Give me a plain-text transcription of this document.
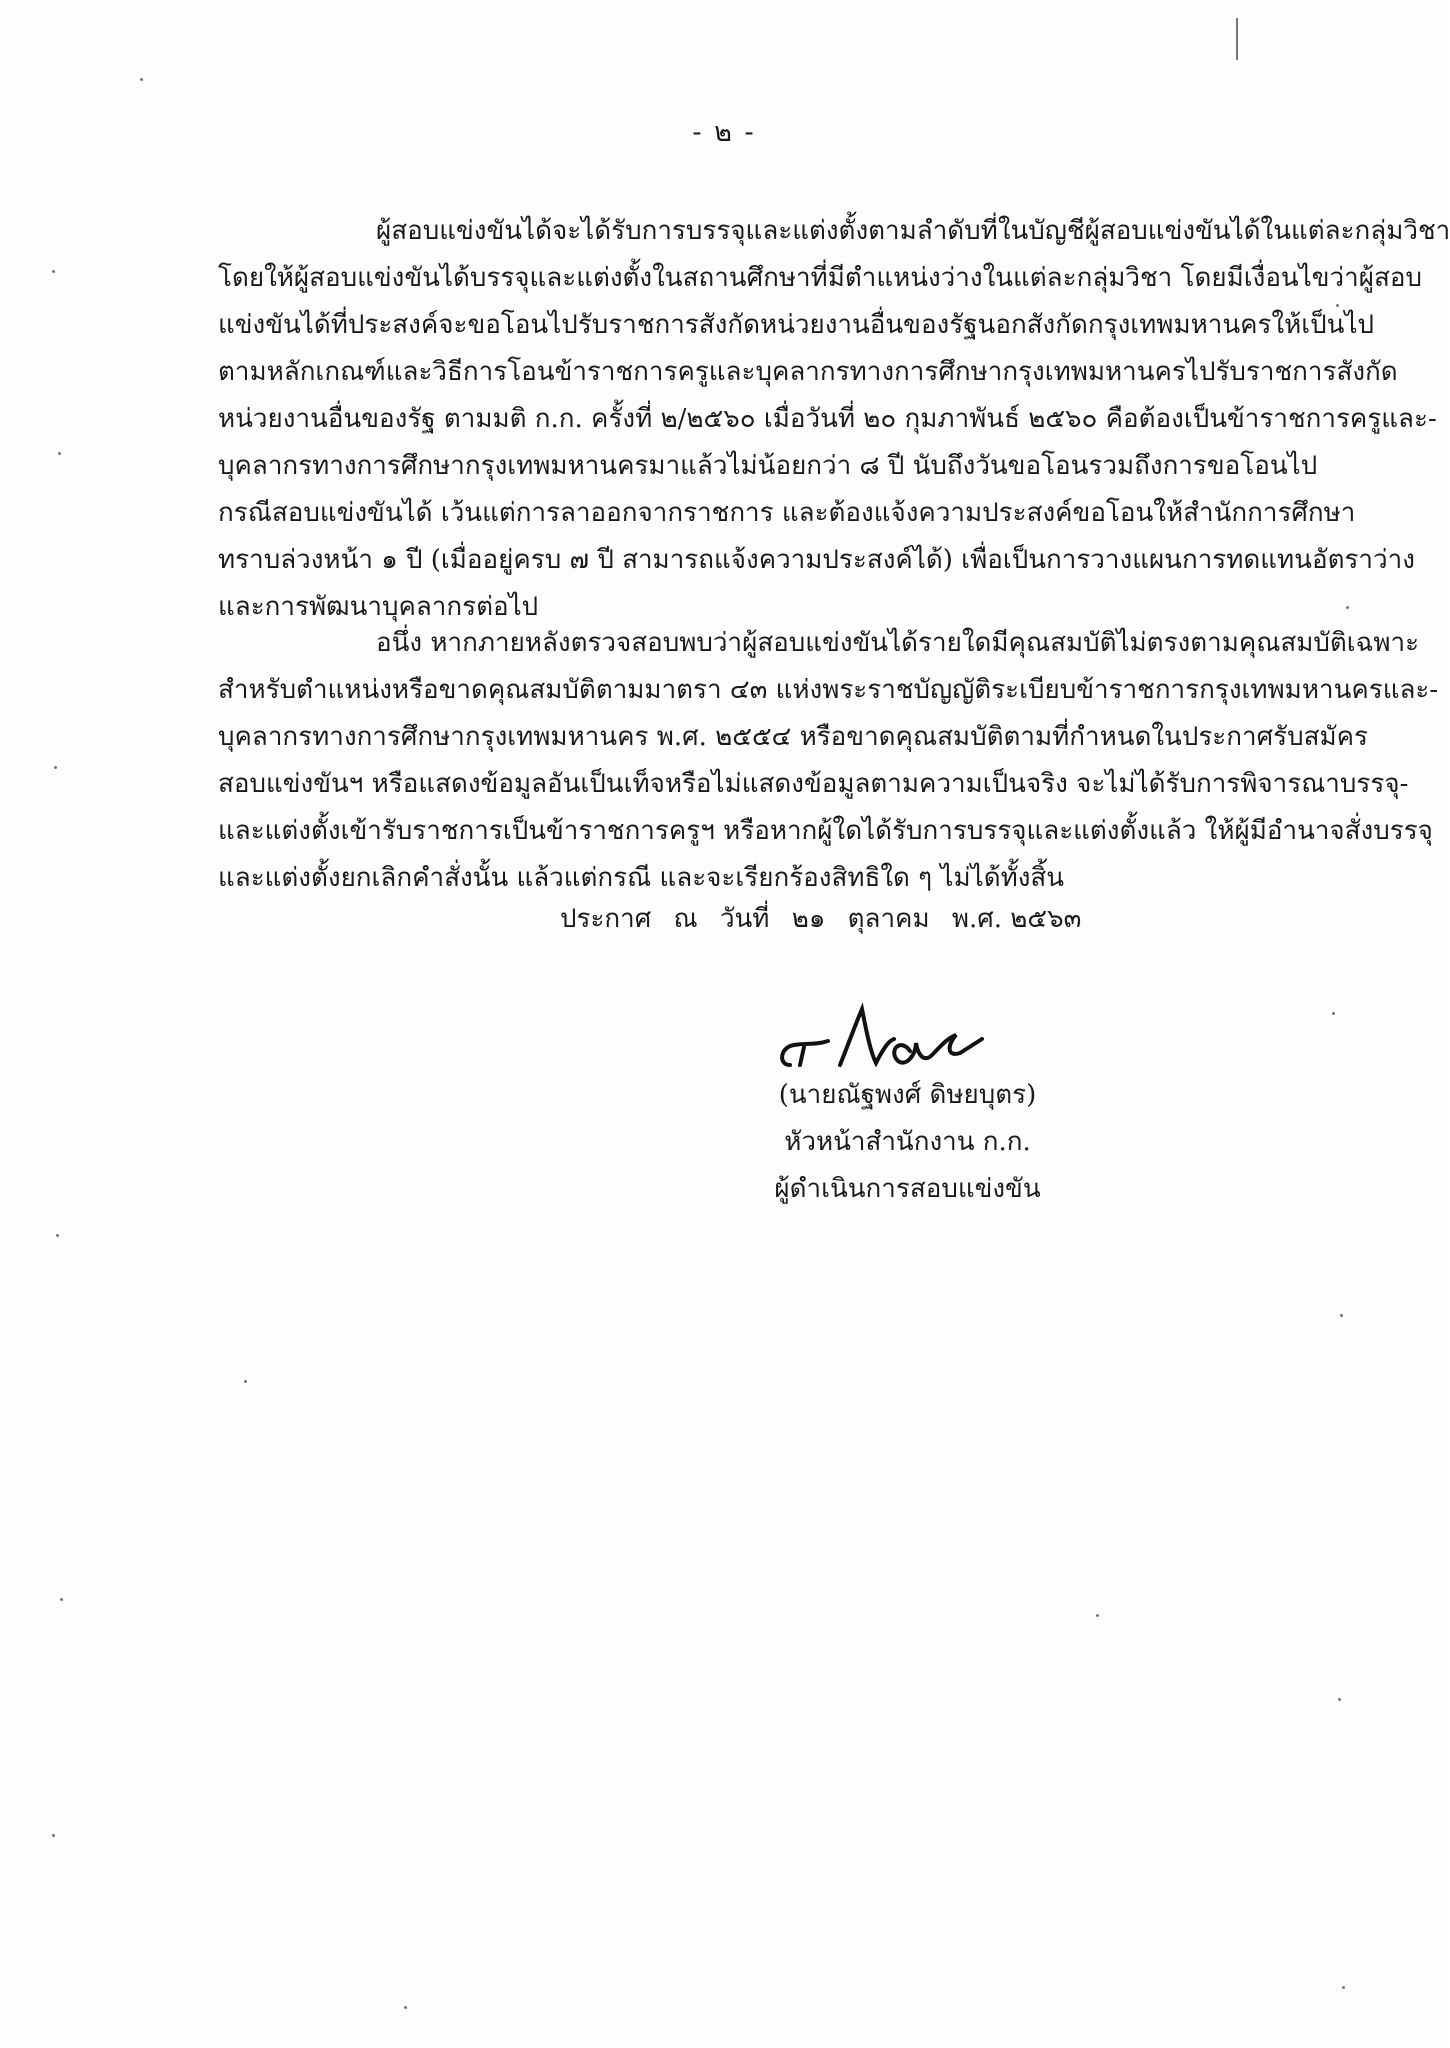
- ๒ -

ผู้สอบแข่งขันได้จะได้รับการบรรจุและแต่งตั้งตามลำดับที่ในบัญชีผู้สอบแข่งขันได้ในแต่ละกลุ่มวิชา
โดยให้ผู้สอบแข่งขันได้บรรจุและแต่งตั้งในสถานศึกษาที่มีตำแหน่งว่างในแต่ละกลุ่มวิชา โดยมีเงื่อนไขว่าผู้สอบ
แข่งขันได้ที่ประสงค์จะขอโอนไปรับราชการสังกัดหน่วยงานอื่นของรัฐนอกสังกัดกรุงเทพมหานครให้เป็นไป
ตามหลักเกณฑ์และวิธีการโอนข้าราชการครูและบุคลากรทางการศึกษากรุงเทพมหานครไปรับราชการสังกัด
หน่วยงานอื่นของรัฐ ตามมติ ก.ก. ครั้งที่ ๒/๒๕๖๐ เมื่อวันที่ ๒๐ กุมภาพันธ์ ๒๕๖๐ คือต้องเป็นข้าราชการครูและ-
บุคลากรทางการศึกษากรุงเทพมหานครมาแล้วไม่น้อยกว่า ๘ ปี นับถึงวันขอโอนรวมถึงการขอโอนไป
กรณีสอบแข่งขันได้ เว้นแต่การลาออกจากราชการ และต้องแจ้งความประสงค์ขอโอนให้สำนักการศึกษา
ทราบล่วงหน้า ๑ ปี (เมื่ออยู่ครบ ๗ ปี สามารถแจ้งความประสงค์ได้) เพื่อเป็นการวางแผนการทดแทนอัตราว่าง
และการพัฒนาบุคลากรต่อไป

อนึ่ง หากภายหลังตรวจสอบพบว่าผู้สอบแข่งขันได้รายใดมีคุณสมบัติไม่ตรงตามคุณสมบัติเฉพาะ
สำหรับตำแหน่งหรือขาดคุณสมบัติตามมาตรา ๔๓ แห่งพระราชบัญญัติระเบียบข้าราชการกรุงเทพมหานครและ-
บุคลากรทางการศึกษากรุงเทพมหานคร พ.ศ. ๒๕๕๔ หรือขาดคุณสมบัติตามที่กำหนดในประกาศรับสมัคร
สอบแข่งขันฯ หรือแสดงข้อมูลอันเป็นเท็จหรือไม่แสดงข้อมูลตามความเป็นจริง จะไม่ได้รับการพิจารณาบรรจุ-
และแต่งตั้งเข้ารับราชการเป็นข้าราชการครูฯ หรือหากผู้ใดได้รับการบรรจุและแต่งตั้งแล้ว ให้ผู้มีอำนาจสั่งบรรจุ
และแต่งตั้งยกเลิกคำสั่งนั้น แล้วแต่กรณี และจะเรียกร้องสิทธิใด ๆ ไม่ได้ทั้งสิ้น

ประกาศ ณ วันที่ ๒๑ ตุลาคม พ.ศ. ๒๕๖๓
(นายณัฐพงศ์ ดิษยบุตร)
หัวหน้าสำนักงาน ก.ก.
ผู้ดำเนินการสอบแข่งขัน
